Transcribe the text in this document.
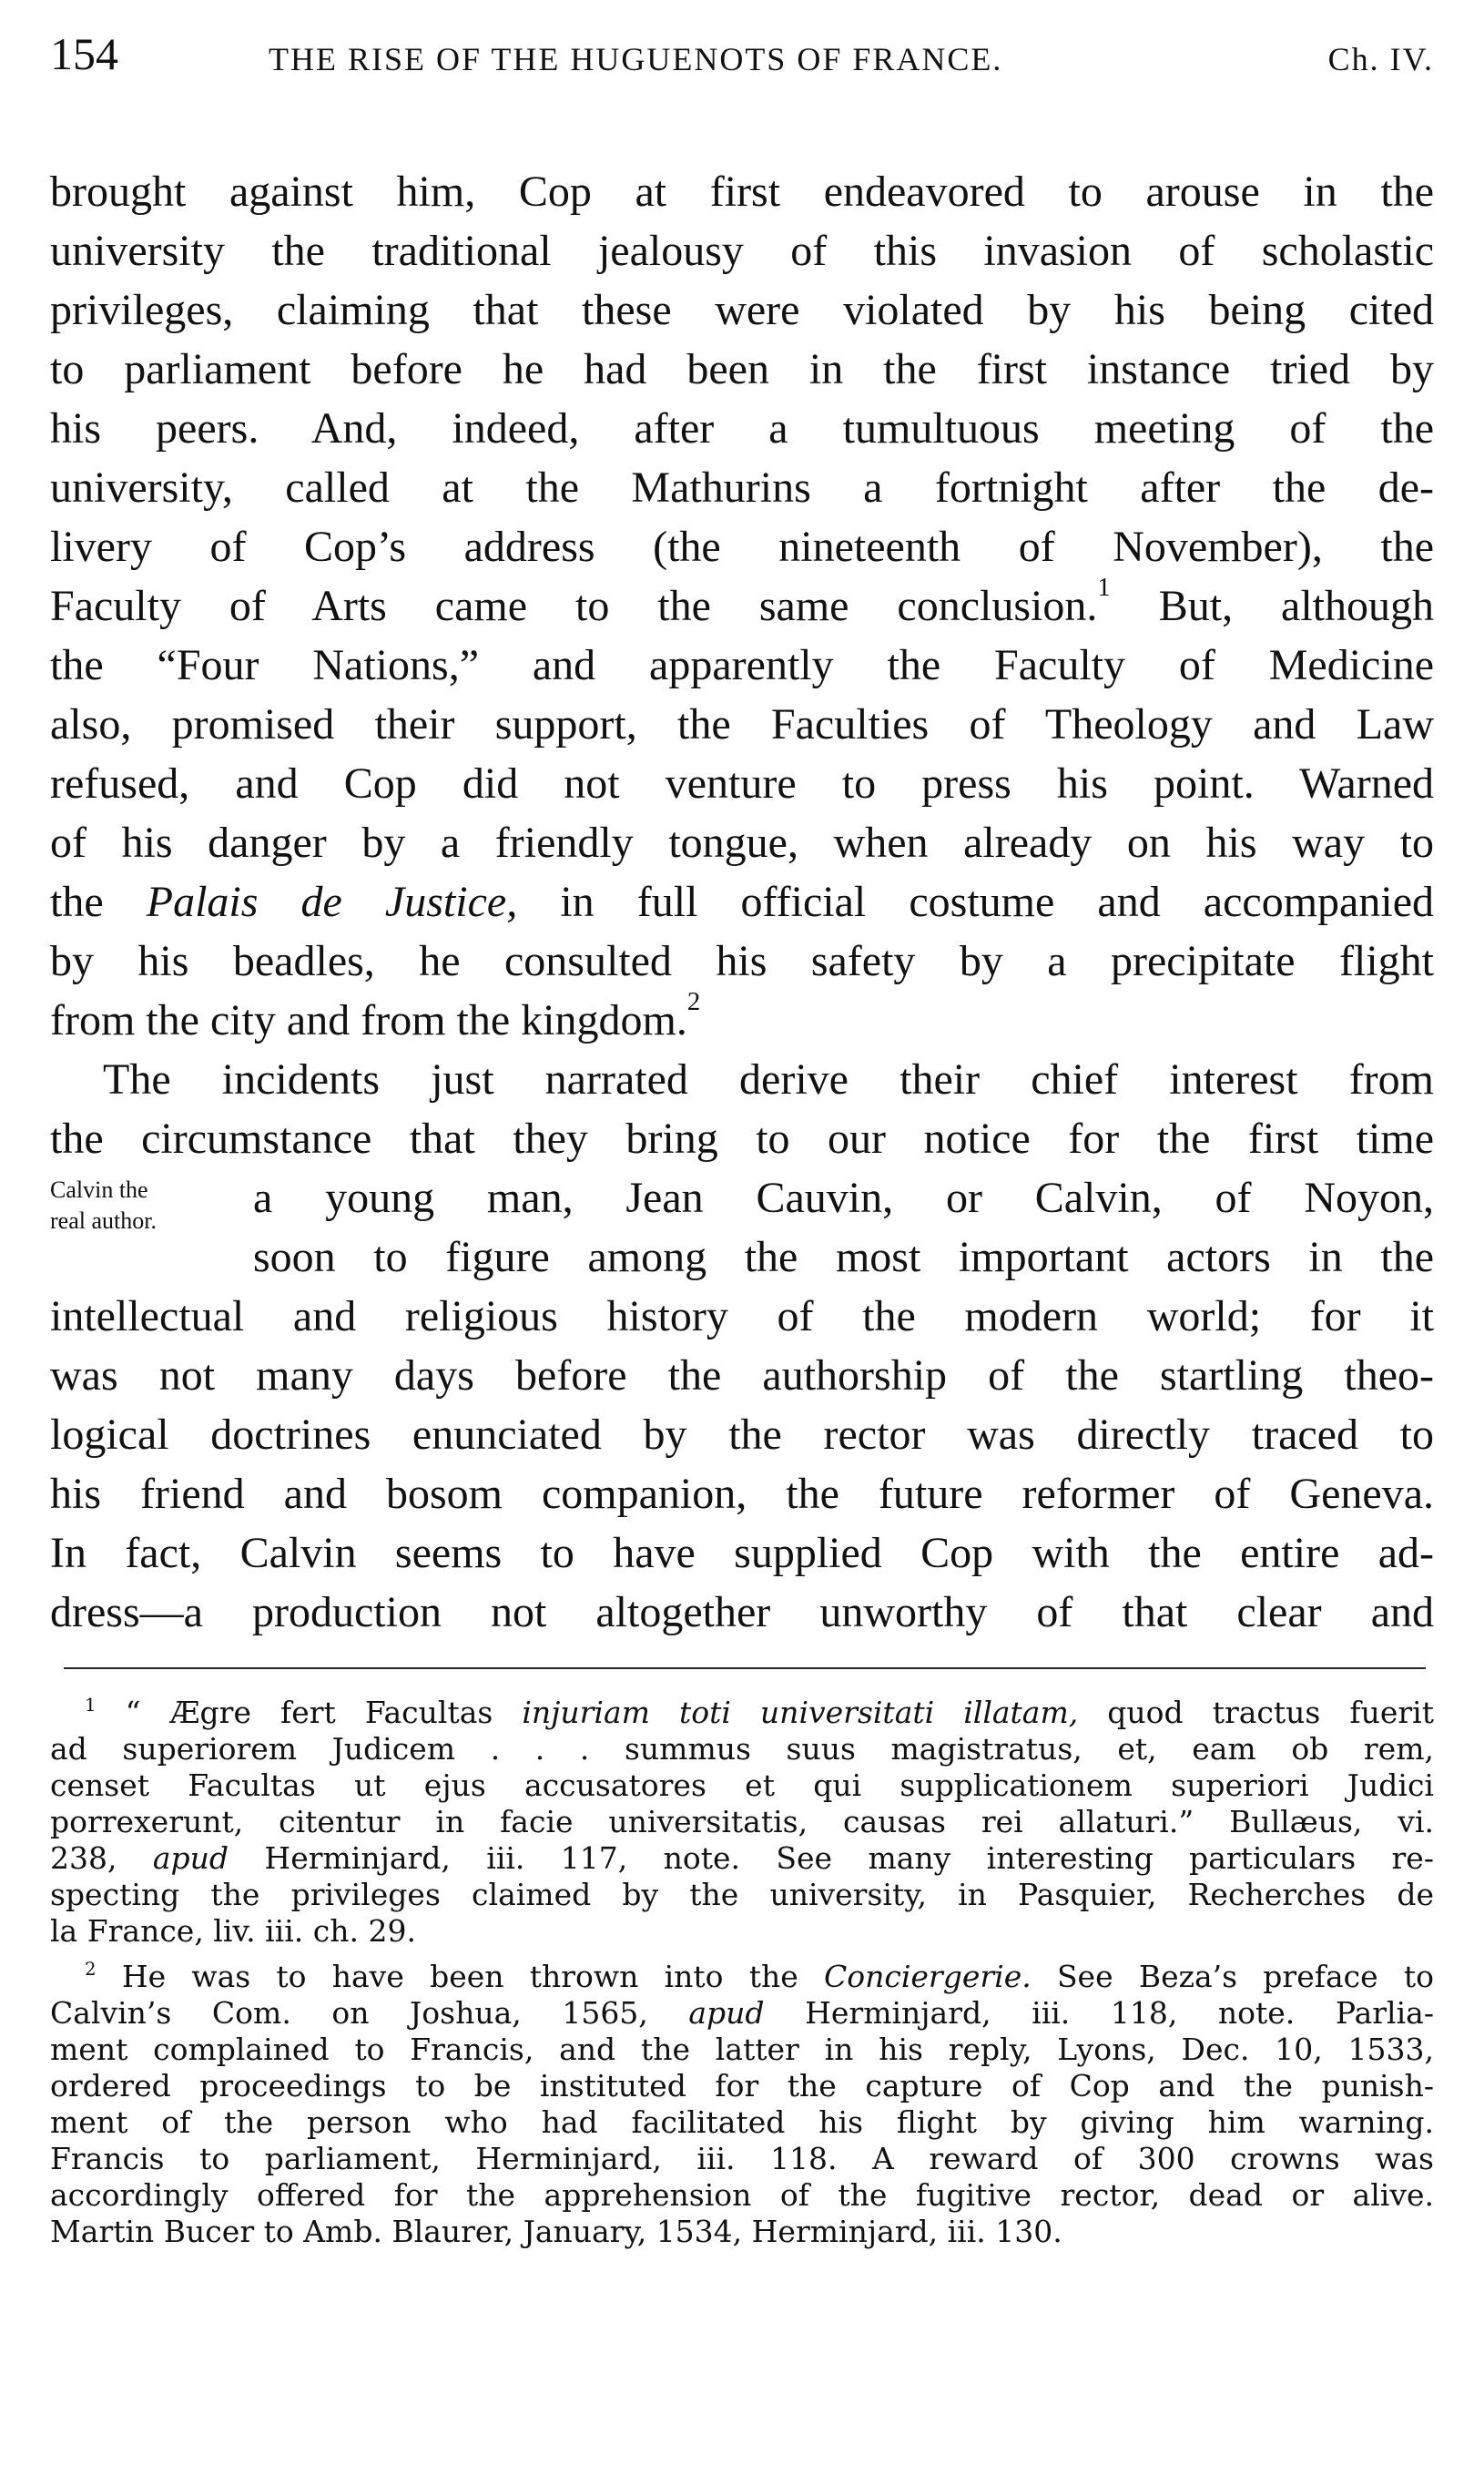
154	THE RISE OF THE HUGUENOTS OF FRANCE.	Ch. IV.
brought against him, Cop at first endeavored to arouse in the
university the traditional jealousy of this invasion of scholastic
privileges, claiming that these were violated by his being cited
to parliament before he had been in the first instance tried by
his peers. And, indeed, after a tumultuous meeting of the
university, called at the Mathurins a fortnight after the de-
livery of Cop’s address (the nineteenth of November), the
Faculty of Arts came to the same conclusion.$^1$ But, although
the “Four Nations,” and apparently the Faculty of Medicine
also, promised their support, the Faculties of Theology and Law
refused, and Cop did not venture to press his point. Warned
of his danger by a friendly tongue, when already on his way to
the Palais de Justice, in full official costume and accompanied
by his beadles, he consulted his safety by a precipitate flight
from the city and from the kingdom.$^2$
The incidents just narrated derive their chief interest from
the circumstance that they bring to our notice for the first time
Calvin the
real author. a young man, Jean Cauvin, or Calvin, of Noyon,
soon to figure among the most important actors in the
intellectual and religious history of the modern world; for it
was not many days before the authorship of the startling theo-
logical doctrines enunciated by the rector was directly traced to
his friend and bosom companion, the future reformer of Geneva.
In fact, Calvin seems to have supplied Cop with the entire ad-
dress—a production not altogether unworthy of that clear and
$^1$ “ Ægre fert Facultas injuriam toti universitati illatam, quod tractus fuerit
ad superiorem Judicem . . . summus suus magistratus, et, eam ob rem,
censet Facultas ut ejus accusatores et qui supplicationem superiori Judici
porrexerunt, citentur in facie universitatis, causas rei allaturi.” Bullæus, vi.
238, apud Herminjard, iii. 117, note. See many interesting particulars re-
specting the privileges claimed by the university, in Pasquier, Recherches de
la France, liv. iii. ch. 29.
$^2$ He was to have been thrown into the Conciergerie. See Beza’s preface to
Calvin’s Com. on Joshua, 1565, apud Herminjard, iii. 118, note. Parlia-
ment complained to Francis, and the latter in his reply, Lyons, Dec. 10, 1533,
ordered proceedings to be instituted for the capture of Cop and the punish-
ment of the person who had facilitated his flight by giving him warning.
Francis to parliament, Herminjard, iii. 118. A reward of 300 crowns was
accordingly offered for the apprehension of the fugitive rector, dead or alive.
Martin Bucer to Amb. Blaurer, January, 1534, Herminjard, iii. 130.
